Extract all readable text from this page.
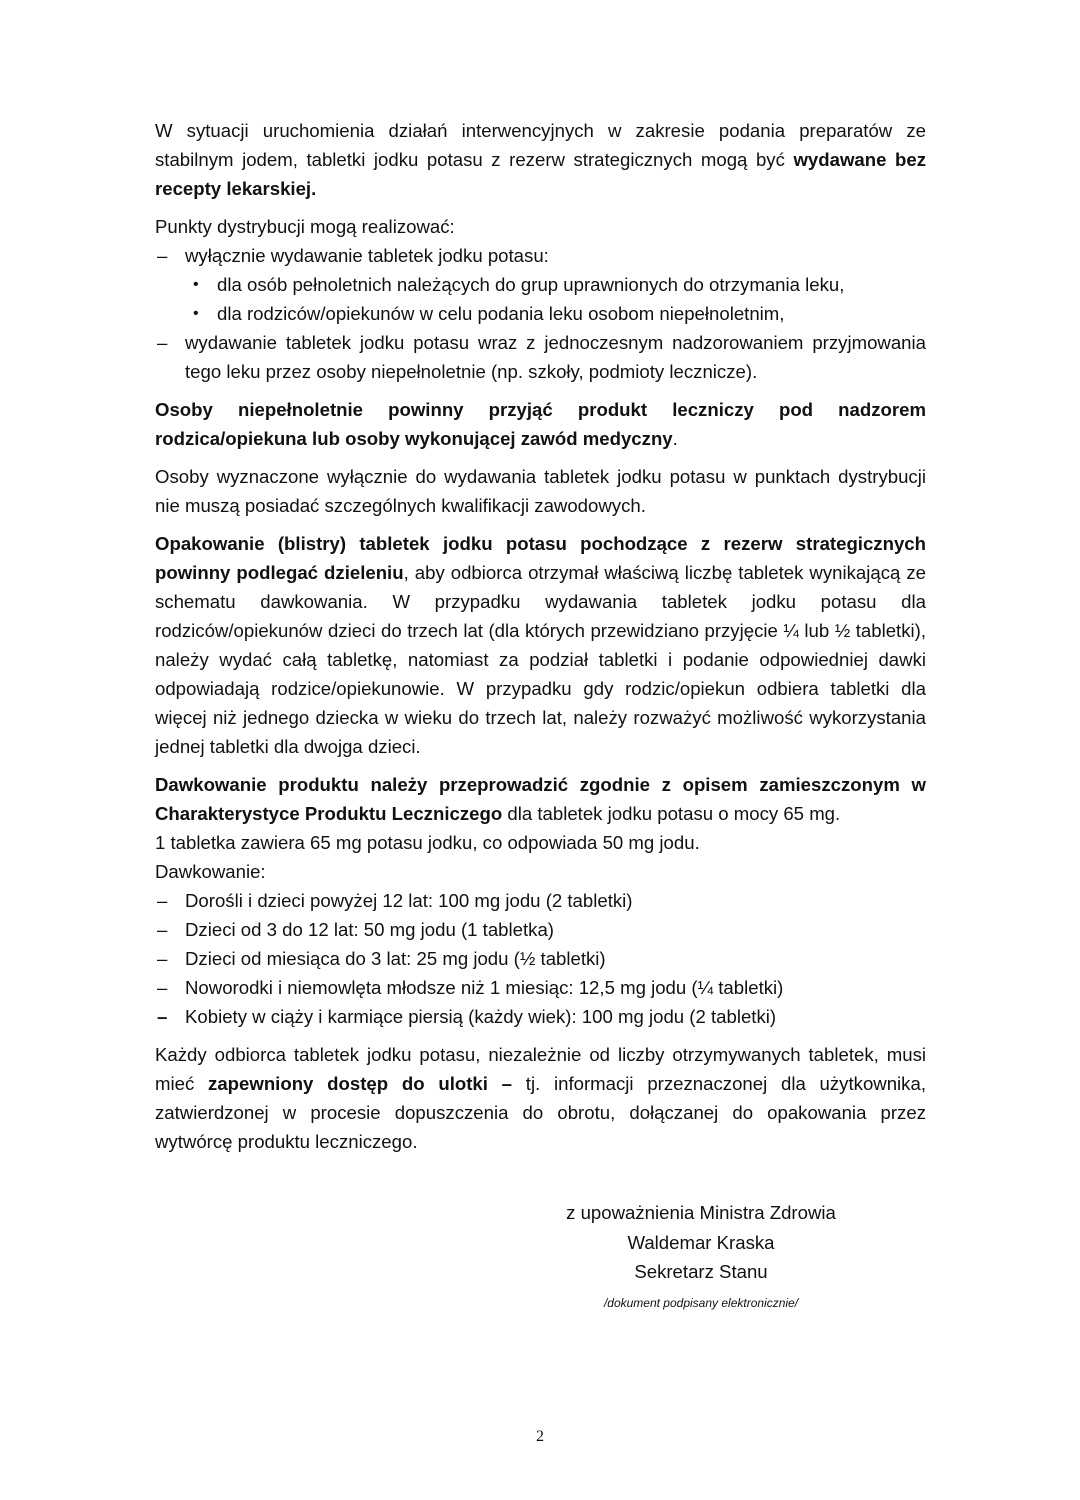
W sytuacji uruchomienia działań interwencyjnych w zakresie podania preparatów ze stabilnym jodem, tabletki jodku potasu z rezerw strategicznych mogą być wydawane bez recepty lekarskiej.

Punkty dystrybucji mogą realizować:

– wyłącznie wydawanie tabletek jodku potasu:
• dla osób pełnoletnich należących do grup uprawnionych do otrzymania leku,
• dla rodziców/opiekunów w celu podania leku osobom niepełnoletnim,
– wydawanie tabletek jodku potasu wraz z jednoczesnym nadzorowaniem przyjmowania tego leku przez osoby niepełnoletnie (np. szkoły, podmioty lecznicze).

Osoby niepełnoletnie powinny przyjąć produkt leczniczy pod nadzorem rodzica/opiekuna lub osoby wykonującej zawód medyczny.

Osoby wyznaczone wyłącznie do wydawania tabletek jodku potasu w punktach dystrybucji nie muszą posiadać szczególnych kwalifikacji zawodowych.

Opakowanie (blistry) tabletek jodku potasu pochodzące z rezerw strategicznych powinny podlegać dzieleniu, aby odbiorca otrzymał właściwą liczbę tabletek wynikającą ze schematu dawkowania. W przypadku wydawania tabletek jodku potasu dla rodziców/opiekunów dzieci do trzech lat (dla których przewidziano przyjęcie ¼ lub ½ tabletki), należy wydać całą tabletkę, natomiast za podział tabletki i podanie odpowiedniej dawki odpowiadają rodzice/opiekunowie. W przypadku gdy rodzic/opiekun odbiera tabletki dla więcej niż jednego dziecka w wieku do trzech lat, należy rozważyć możliwość wykorzystania jednej tabletki dla dwojga dzieci.

Dawkowanie produktu należy przeprowadzić zgodnie z opisem zamieszczonym w Charakterystyce Produktu Leczniczego dla tabletek jodku potasu o mocy 65 mg.

1 tabletka zawiera 65 mg potasu jodku, co odpowiada 50 mg jodu.
Dawkowanie:
– Dorośli i dzieci powyżej 12 lat: 100 mg jodu (2 tabletki)
– Dzieci od 3 do 12 lat: 50 mg jodu (1 tabletka)
– Dzieci od miesiąca do 3 lat: 25 mg jodu (½ tabletki)
– Noworodki i niemowlęta młodsze niż 1 miesiąc: 12,5 mg jodu (¼ tabletki)
– Kobiety w ciąży i karmiące piersią (każdy wiek): 100 mg jodu (2 tabletki)

Każdy odbiorca tabletek jodku potasu, niezależnie od liczby otrzymywanych tabletek, musi mieć zapewniony dostęp do ulotki – tj. informacji przeznaczonej dla użytkownika, zatwierdzonej w procesie dopuszczenia do obrotu, dołączanej do opakowania przez wytwórcę produktu leczniczego.

z upoważnienia Ministra Zdrowia
Waldemar Kraska
Sekretarz Stanu
/dokument podpisany elektronicznie/
2
